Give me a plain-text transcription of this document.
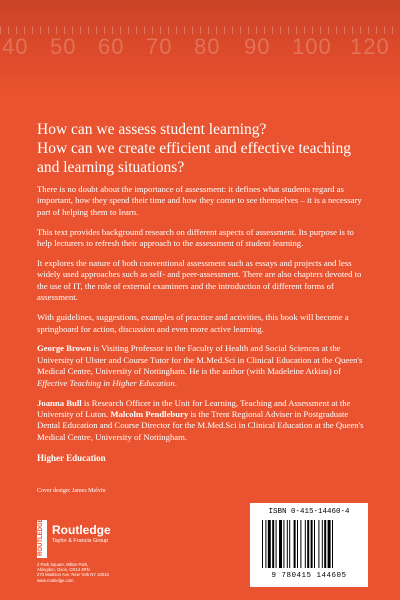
40 50 60 70 80 90 100 120
How can we assess student learning?
How can we create efficient and effective teaching
and learning situations?

There is no doubt about the importance of assessment: it defines what students regard as important, how they spend their time and how they come to see themselves – it is a necessary part of helping them to learn.

This text provides background research on different aspects of assessment. Its purpose is to help lecturers to refresh their approach to the assessment of student learning.

It explores the nature of both conventional assessment such as essays and projects and less widely used approaches such as self- and peer-assessment. There are also chapters devoted to the use of IT, the role of external examiners and the introduction of different forms of assessment.

With guidelines, suggestions, examples of practice and activities, this book will become a springboard for action, discussion and even more active learning.

George Brown is Visiting Professor in the Faculty of Health and Social Sciences at the University of Ulster and Course Tutor for the M.Med.Sci in Clinical Education at the Queen's Medical Centre, University of Nottingham. He is the author (with Madeleine Atkins) of Effective Teaching in Higher Education.

Joanna Bull is Research Officer in the Unit for Learning, Teaching and Assessment at the University of Luton. Malcolm Pendlebury is the Trent Regional Adviser in Postgraduate Dental Education and Course Director for the M.Med.Sci in Clinical Education at the Queen's Medical Centre, University of Nottingham.

Higher Education
Cover design: James Melvin
ROUTLEDGE Routledge
Taylor & Francis Group
2 Park Square, Milton Park,
Abingdon, Oxon, OX14 4RN
270 Madison Ave, New York NY 10016
www.routledge.com
ISBN 0-415-14460-4
9 780415 144605
